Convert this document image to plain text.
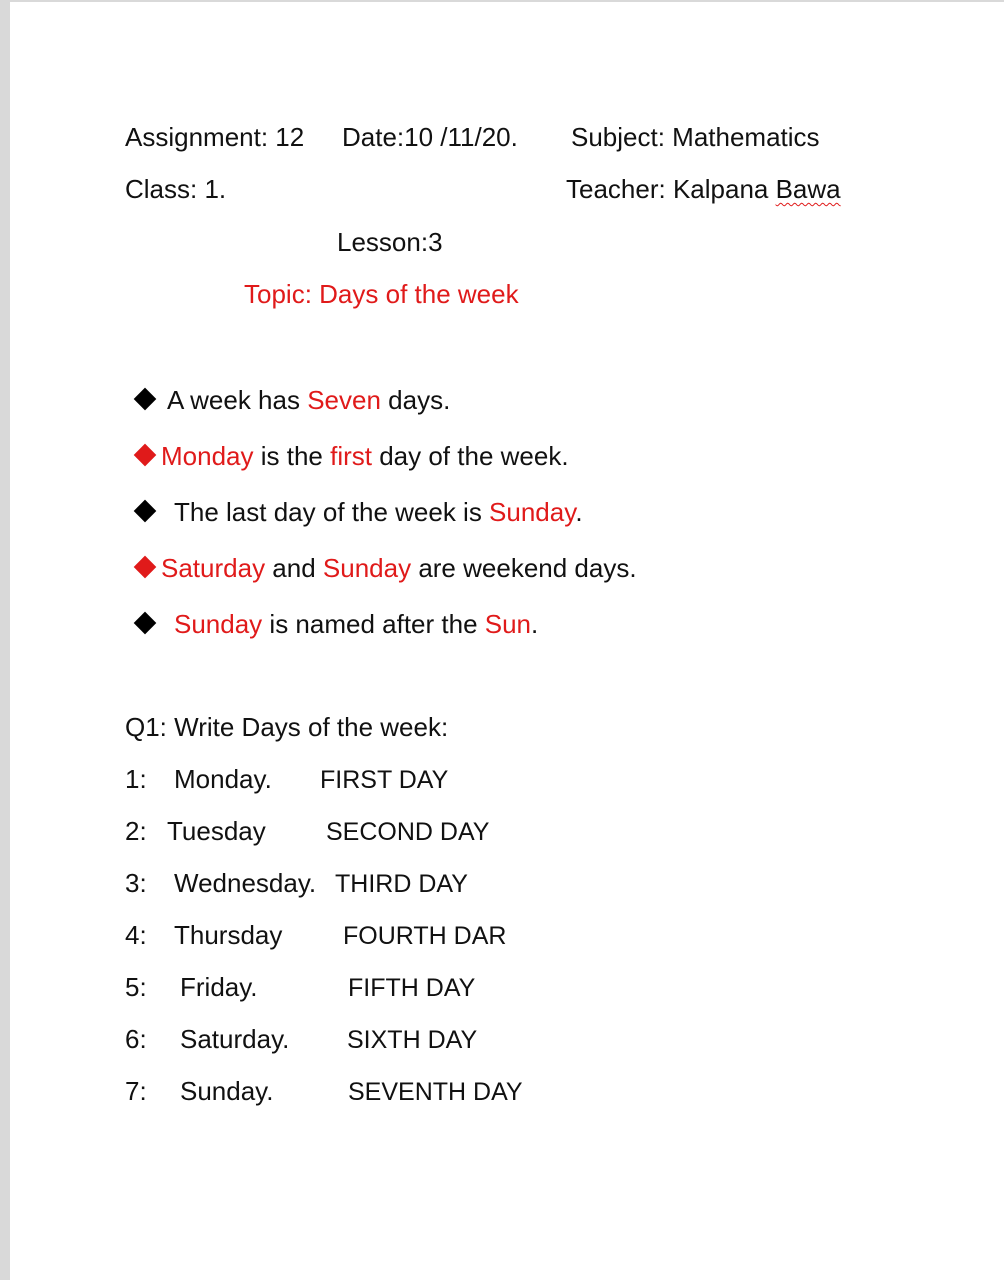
Assignment: 12 Date:10 /11/20. Subject: Mathematics
Class: 1.	Teacher: Kalpana Bawa
Lesson:3
Topic: Days of the week
A week has Seven days.
Monday is the first day of the week.
The last day of the week is Sunday.
Saturday and Sunday are weekend days.
Sunday is named after the Sun.
Q1: Write Days of the week:
1: Monday. FIRST DAY
2: Tuesday SECOND DAY
3: Wednesday. THIRD DAY
4: Thursday FOURTH DAR
5: Friday.	FIFTH DAY
6: Saturday. SIXTH DAY
7: Sunday.	SEVENTH DAY
